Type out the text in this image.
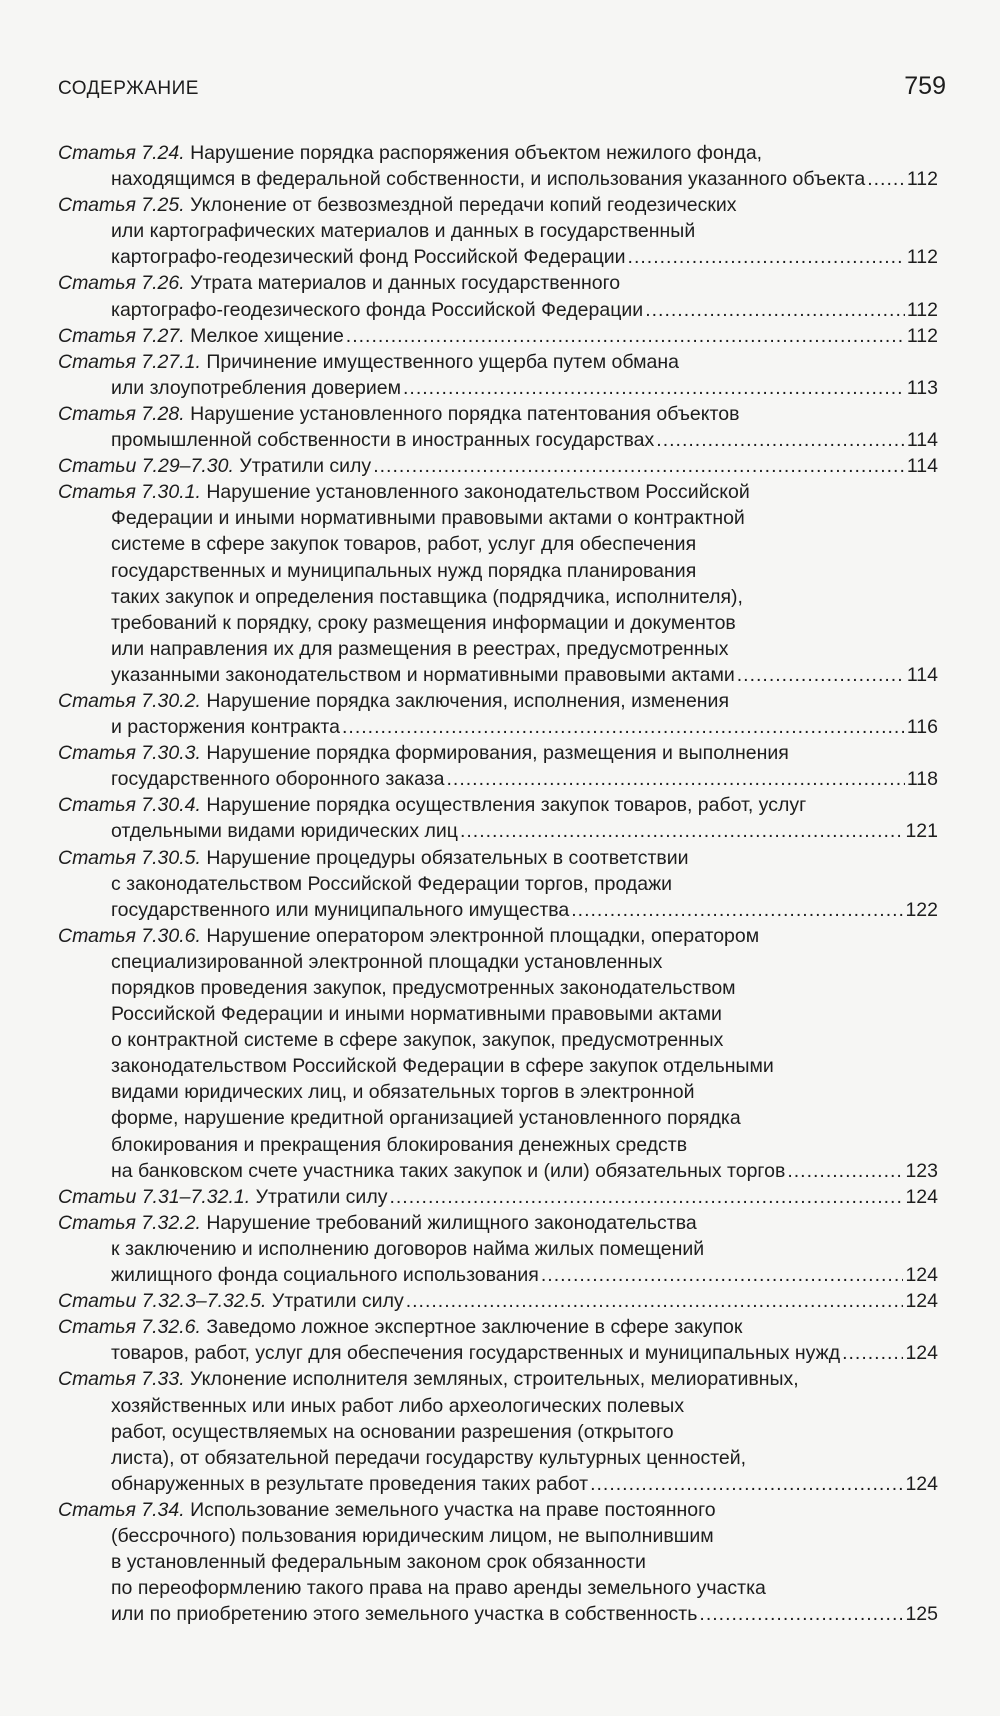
СОДЕРЖАНИЕ	759
Статья 7.24. Нарушение порядка распоряжения объектом нежилого фонда,
находящимся в федеральной собственности, и использования указанного объекта ..... 112
Статья 7.25. Уклонение от безвозмездной передачи копий геодезических
или картографических материалов и данных в государственный
картографо-геодезический фонд Российской Федерации .....	112
Статья 7.26. Утрата материалов и данных государственного
картографо-геодезического фонда Российской Федерации .....	112
Статья 7.27. Мелкое хищение .....	112
Статья 7.27.1. Причинение имущественного ущерба путем обмана
или злоупотребления доверием .....	113
Статья 7.28. Нарушение установленного порядка патентования объектов
промышленной собственности в иностранных государствах .....	114
Статьи 7.29–7.30. Утратили силу .....	114
Статья 7.30.1. Нарушение установленного законодательством Российской
Федерации и иными нормативными правовыми актами о контрактной
системе в сфере закупок товаров, работ, услуг для обеспечения
государственных и муниципальных нужд порядка планирования
таких закупок и определения поставщика (подрядчика, исполнителя),
требований к порядку, сроку размещения информации и документов
или направления их для размещения в реестрах, предусмотренных
указанными законодательством и нормативными правовыми актами .....	114
Статья 7.30.2. Нарушение порядка заключения, исполнения, изменения
и расторжения контракта .....	116
Статья 7.30.3. Нарушение порядка формирования, размещения и выполнения
государственного оборонного заказа .....	118
Статья 7.30.4. Нарушение порядка осуществления закупок товаров, работ, услуг
отдельными видами юридических лиц .....	121
Статья 7.30.5. Нарушение процедуры обязательных в соответствии
с законодательством Российской Федерации торгов, продажи
государственного или муниципального имущества .....	122
Статья 7.30.6. Нарушение оператором электронной площадки, оператором
специализированной электронной площадки установленных
порядков проведения закупок, предусмотренных законодательством
Российской Федерации и иными нормативными правовыми актами
о контрактной системе в сфере закупок, закупок, предусмотренных
законодательством Российской Федерации в сфере закупок отдельными
видами юридических лиц, и обязательных торгов в электронной
форме, нарушение кредитной организацией установленного порядка
блокирования и прекращения блокирования денежных средств
на банковском счете участника таких закупок и (или) обязательных торгов .....	123
Статьи 7.31–7.32.1. Утратили силу .....	124
Статья 7.32.2. Нарушение требований жилищного законодательства
к заключению и исполнению договоров найма жилых помещений
жилищного фонда социального использования .....	124
Статьи 7.32.3–7.32.5. Утратили силу .....	124
Статья 7.32.6. Заведомо ложное экспертное заключение в сфере закупок
товаров, работ, услуг для обеспечения государственных и муниципальных нужд .....	124
Статья 7.33. Уклонение исполнителя земляных, строительных, мелиоративных,
хозяйственных или иных работ либо археологических полевых
работ, осуществляемых на основании разрешения (открытого
листа), от обязательной передачи государству культурных ценностей,
обнаруженных в результате проведения таких работ .....	124
Статья 7.34. Использование земельного участка на праве постоянного
(бессрочного) пользования юридическим лицом, не выполнившим
в установленный федеральным законом срок обязанности
по переоформлению такого права на право аренды земельного участка
или по приобретению этого земельного участка в собственность .....	125
